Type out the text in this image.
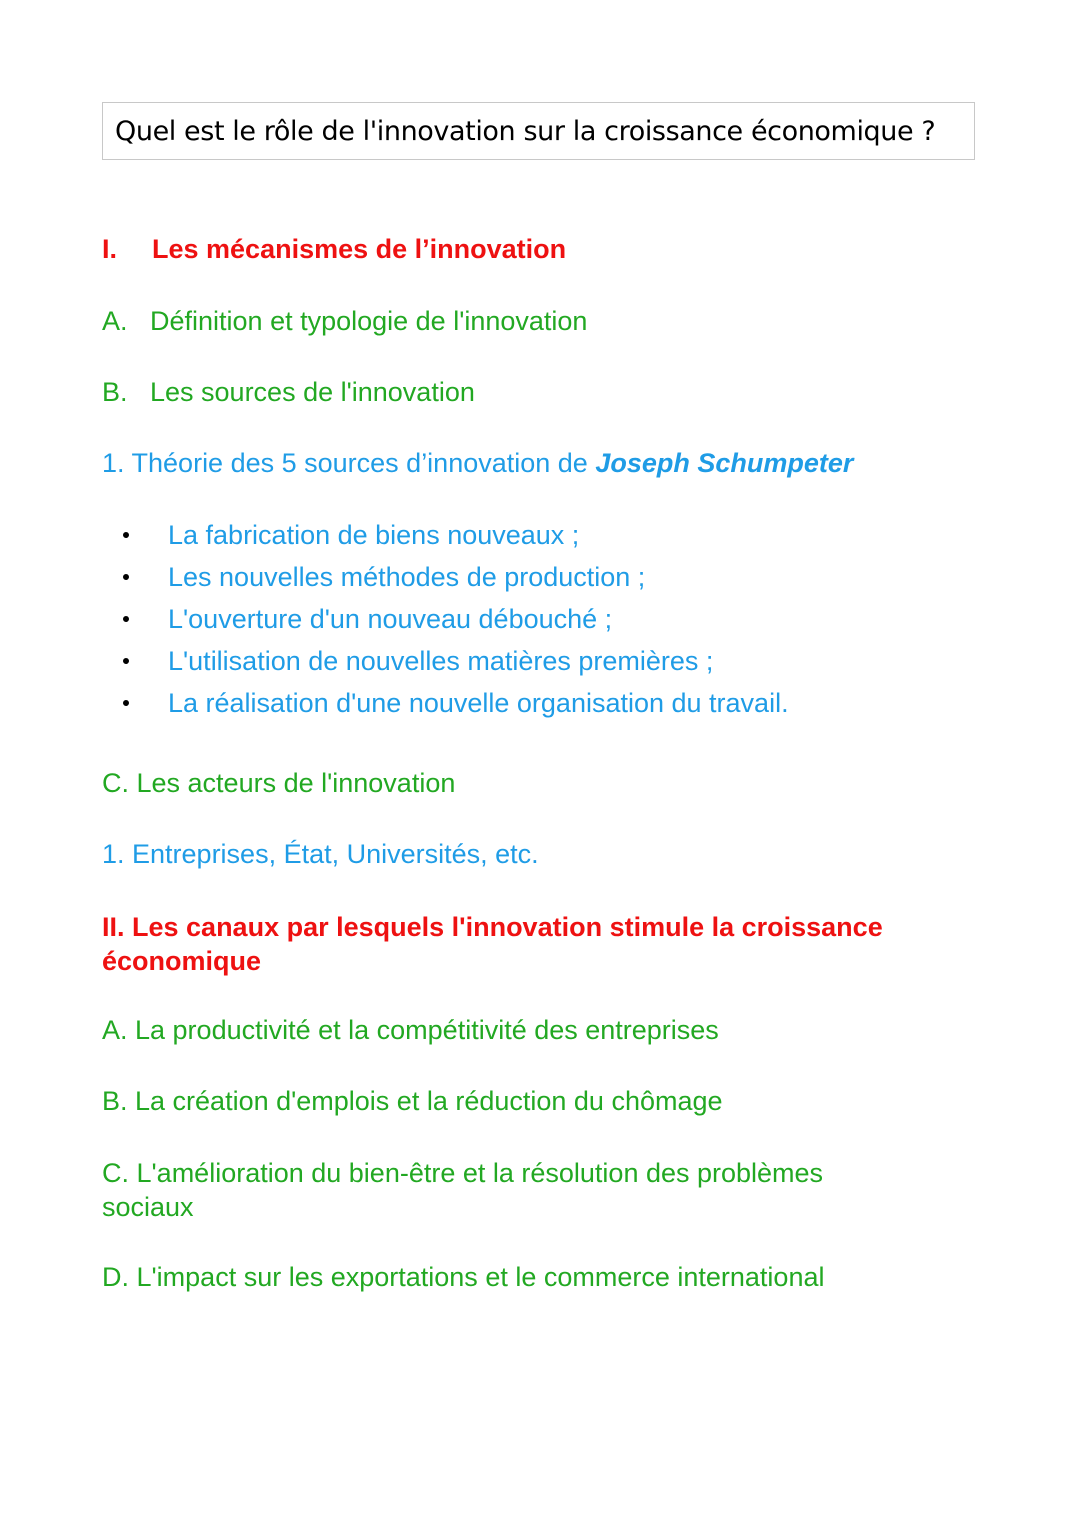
Quel est le rôle de l'innovation sur la croissance économique ?
I. Les mécanismes de l’innovation
A. Définition et typologie de l'innovation
B. Les sources de l'innovation
1. Théorie des 5 sources d’innovation de Joseph Schumpeter
La fabrication de biens nouveaux ;
Les nouvelles méthodes de production ;
L'ouverture d'un nouveau débouché ;
L'utilisation de nouvelles matières premières ;
La réalisation d'une nouvelle organisation du travail.
C. Les acteurs de l'innovation
1. Entreprises, État, Universités, etc.
II. Les canaux par lesquels l'innovation stimule la croissance économique
A. La productivité et la compétitivité des entreprises
B. La création d'emplois et la réduction du chômage
C. L'amélioration du bien-être et la résolution des problèmes sociaux
D. L'impact sur les exportations et le commerce international
